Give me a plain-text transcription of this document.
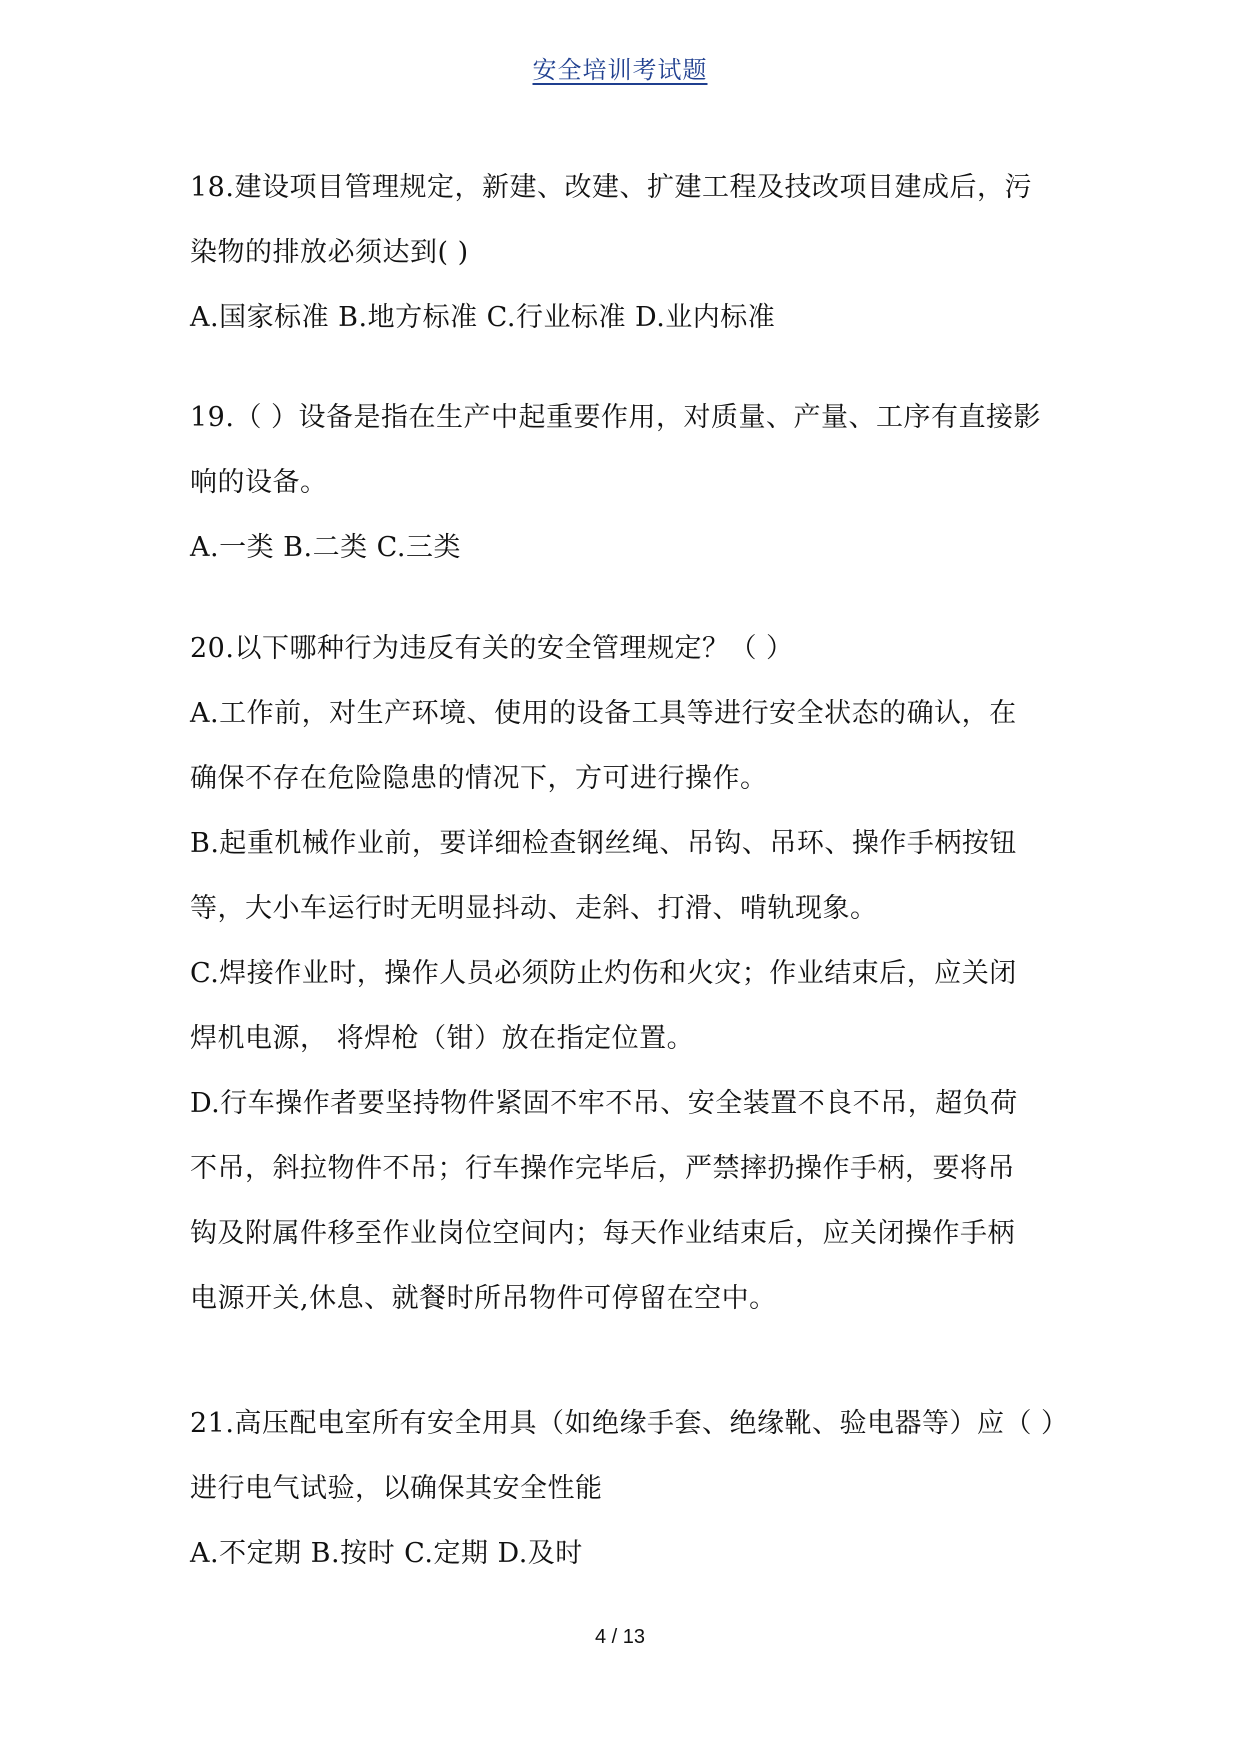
安全培训考试题
18.建设项目管理规定，新建、改建、扩建工程及技改项目建成后，污
染物的排放必须达到( )
A.国家标准 B.地方标准 C.行业标准 D.业内标准
19.（ ）设备是指在生产中起重要作用，对质量、产量、工序有直接影
响的设备。
A.一类 B.二类 C.三类
20.以下哪种行为违反有关的安全管理规定？（ ）
A.工作前，对生产环境、使用的设备工具等进行安全状态的确认，在
确保不存在危险隐患的情况下，方可进行操作。
B.起重机械作业前，要详细检查钢丝绳、吊钩、吊环、操作手柄按钮
等，大小车运行时无明显抖动、走斜、打滑、啃轨现象。
C.焊接作业时，操作人员必须防止灼伤和火灾；作业结束后，应关闭
焊机电源， 将焊枪（钳）放在指定位置。
D.行车操作者要坚持物件紧固不牢不吊、安全装置不良不吊，超负荷
不吊，斜拉物件不吊；行车操作完毕后，严禁摔扔操作手柄，要将吊
钩及附属件移至作业岗位空间内；每天作业结束后，应关闭操作手柄
电源开关,休息、就餐时所吊物件可停留在空中。
21.高压配电室所有安全用具（如绝缘手套、绝缘靴、验电器等）应（ ）
进行电气试验，以确保其安全性能
A.不定期 B.按时 C.定期 D.及时
4 / 13
